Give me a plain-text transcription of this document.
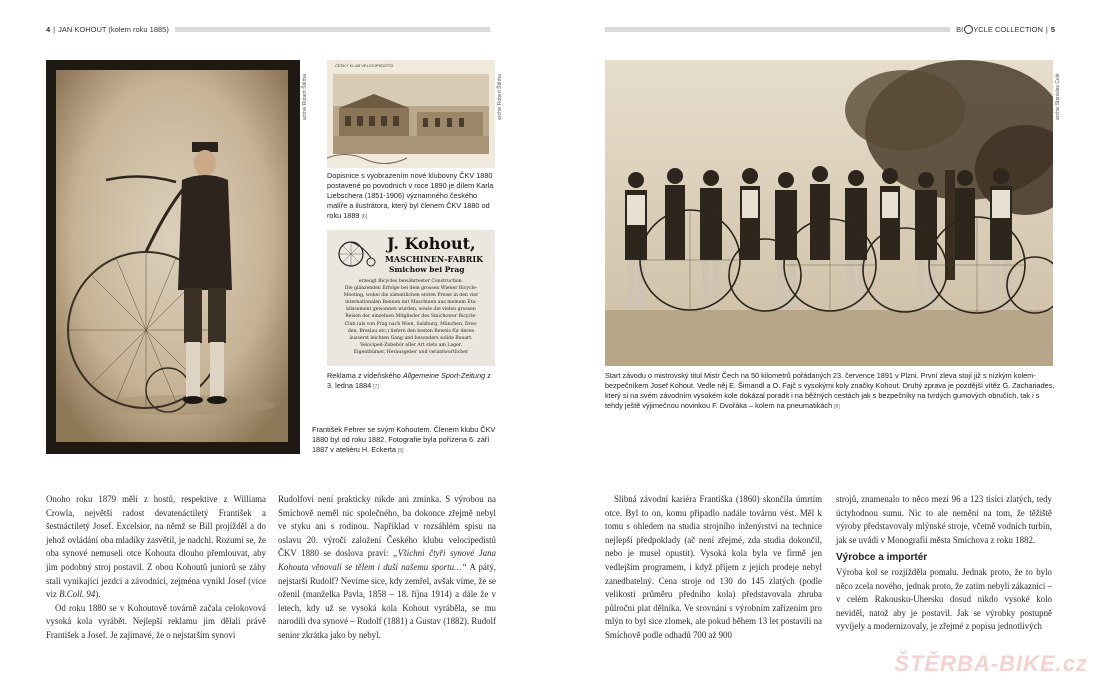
4 | JAN KOHOUT (kolem roku 1885)
ČESKÝ KLUB VELOCIPEDISTŮ
archiv Robert Štěrba
archiv Robert Štěrba
Dopisnice s vyobrazením nové klubovny ČKV 1880 postavené po povodních v roce 1890 je dílem Karla Liebschera (1851-1906) významného českého malíře a ilustrátora, který byl členem ČKV 1880 od roku 1889 [6]
J. Kohout,
MASCHINEN-FABRIK
Smichow bei Prag
erzeugt Bicycles bewährtester Construction.
Die glänzenden Erfolge bei dem grossen Wiener Bicycle-
Meeting, wobei die sämmtlichen ersten Preise in den vier
internationalen Rennen mit Maschinen aus meinem Eta-
blissement gewonnen wurden, sowie die vielen grossen
Reisen der einzelnen Mitglieder des Smichower Bicycle-
Club (als von Prag nach Wien, Salzburg, München, Dres-
den, Breslau etc.) liefern den besten Beweis für deren
äusserst leichten Gang und besonders solide Bauart.
Velociped-Zubehör aller Art stets am Lager.
Eigenthümer, Herausgeber und verantwortlicher
Reklama z vídeňského Allgemeine Sport-Zeitung z 3. ledna 1884 [7]
František Fehrer se svým Kohoutem. Členem klubu ČKV 1880 byl od roku 1882. Fotografie byla pořízena 6. září 1887 v ateliéru H. Eckerta [5]

Onoho roku 1879 měli z hostů, respektive z Williama Crowla, největší radost devatenáctiletý František a šestnáctiletý Josef. Excelsior, na němž se Bill projížděl a do jehož ovládání oba mladíky zasvětil, je nadchl. Rozumí se, že oba synové nemuseli otce Kohouta dlouho přemlouvat, aby jim podobný stroj postavil. Z obou Kohoutů juniorů se záhy stali vynikající jezdci a závodníci, zejména vynikl Josef (více viz B.Coll. 94).

Od roku 1880 se v Kohoutově továrně začala celokovová vysoká kola vyrábět. Nejlepší reklamu jim dělali právě František a Josef. Je zajímavé, že o nejstarším synovi

Rudolfovi není prakticky nikde ani zmínka. S výrobou na Smíchově neměl nic společného, ba dokonce zřejmě nebyl ve styku ani s rodinou. Například v rozsáhlém spisu na oslavu 20. výročí založení Českého klubu velocipedistů ČKV 1880 se doslova praví: „Všichni čtyři synové Jana Kohouta věnovali se tělem i duší našemu sportu…“ A pátý, nejstarší Rudolf? Nevíme sice, kdy zemřel, avšak víme, že se oženil (manželka Pavla, 1858 – 18. října 1914) a dále že v letech, kdy už se vysoká kola Kohout vyráběla, se mu narodili dva synové – Rudolf (1881) a Gustav (1882). Rudolf senior zkrátka jako by nebyl.

BI YCLE COLLECTION | 5
archiv Stanislav Celé
Start závodu o mistrovský titul Mistr Čech na 50 kilometrů pořádaných 23. července 1891 v Plzni. První zleva stojí již s nízkým kolem-bezpečníkem Josef Kohout. Vedle něj E. Šimandl a O. Fajč s vysokými koly značky Kohout. Druhý zprava je pozdější vítěz G. Zachariades, který si na svém závodním vysokém kole dokázal poradit i na běžných cestách jak s bezpečníky na tvrdých gumových obručích, tak i s tehdy ještě výjimečnou novinkou F. Dvořáka – kolem na pneumatikách [8]

Slibná závodní kariéra Františka (1860) skončila úmrtím otce. Byl to on, komu připadlo nadále továrnu vést. Měl k tomu s ohledem na studia strojního inženýrství na technice nejlepší předpoklady (ač není zřejmé, zda studia dokončil, nebo je musel opustit). Vysoká kola byla ve firmě jen vedlejším programem, i když příjem z jejich prodeje nebyl zanedbatelný. Cena stroje od 130 do 145 zlatých (podle velikosti průměru předního kola) představovala zhruba půlroční plat dělníka. Ve srovnání s výrobním zařízením pro mlýn to byl sice zlomek, ale pokud během 13 let postavili na Smíchově podle odhadů 700 až 900

strojů, znamenalo to něco mezi 96 a 123 tisíci zlatých, tedy úctyhodnou sumu. Nic to ale nemění na tom, že těžiště výroby představovaly mlýnské stroje, včetně vodních turbín, jak se uvádí v Monografii města Smíchova z roku 1882.

Výrobce a importér

Výroba kol se rozjížděla pomalu. Jednak proto, že to bylo něco zcela nového, jednak proto, že zatím nebyli zákazníci – v celém Rakousku-Uhersku dosud nikdo vysoké kolo neviděl, natož aby je postavil. Jak se výrobky postupně vyvíjely a modernizovaly, je zřejmé z popisu jednotlivých

ŠTĚRBA-BIKE.cz
